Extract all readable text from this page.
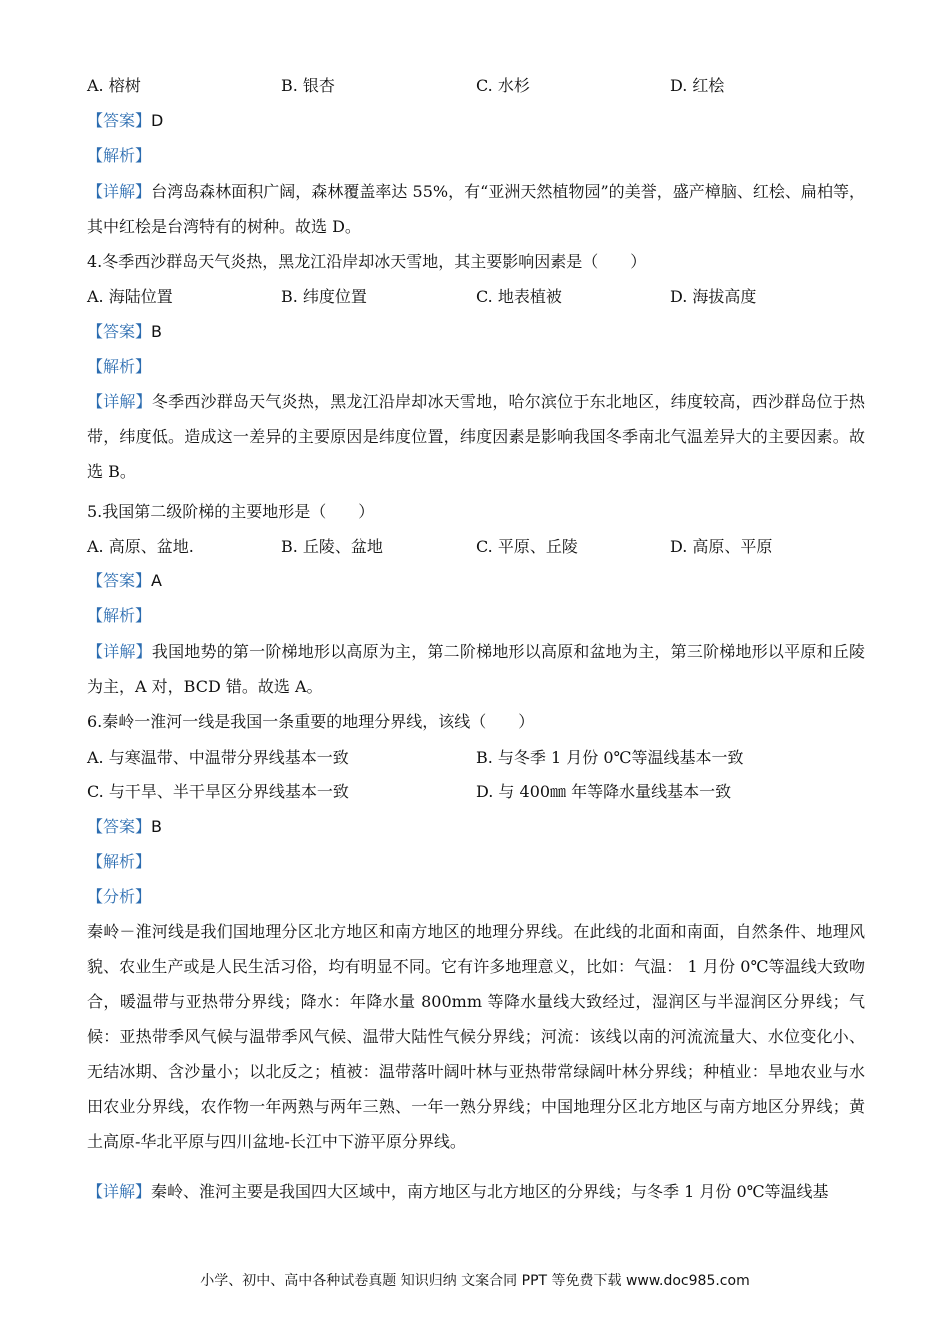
A. 榕树	B. 银杏	C. 水杉	D. 红桧
【答案】D
【解析】
【详解】台湾岛森林面积广阔，森林覆盖率达 55%，有“亚洲天然植物园”的美誉，盛产樟脑、红桧、扁柏等，其中红桧是台湾特有的树种。故选 D。
4.冬季西沙群岛天气炎热，黑龙江沿岸却冰天雪地，其主要影响因素是（　　）
A. 海陆位置	B. 纬度位置	C. 地表植被	D. 海拔高度
【答案】B
【解析】
【详解】冬季西沙群岛天气炎热，黑龙江沿岸却冰天雪地，哈尔滨位于东北地区，纬度较高，西沙群岛位于热带，纬度低。造成这一差异的主要原因是纬度位置，纬度因素是影响我国冬季南北气温差异大的主要因素。故选 B。
5.我国第二级阶梯的主要地形是（　　）
A. 高原、盆地.	B. 丘陵、盆地	C. 平原、丘陵	D. 高原、平原
【答案】A
【解析】
【详解】我国地势的第一阶梯地形以高原为主，第二阶梯地形以高原和盆地为主，第三阶梯地形以平原和丘陵为主，A 对，BCD 错。故选 A。
6.秦岭一淮河一线是我国一条重要的地理分界线，该线（　　）
A. 与寒温带、中温带分界线基本一致	B. 与冬季 1 月份 0℃等温线基本一致
C. 与干旱、半干旱区分界线基本一致	D. 与 400㎜ 年等降水量线基本一致
【答案】B
【解析】
【分析】
秦岭－淮河线是我们国地理分区北方地区和南方地区的地理分界线。在此线的北面和南面，自然条件、地理风貌、农业生产或是人民生活习俗，均有明显不同。它有许多地理意义，比如：气温： 1 月份 0℃等温线大致吻合，暖温带与亚热带分界线；降水：年降水量 800mm 等降水量线大致经过，湿润区与半湿润区分界线；气候：亚热带季风气候与温带季风气候、温带大陆性气候分界线；河流：该线以南的河流流量大、水位变化小、无结冰期、含沙量小；以北反之；植被：温带落叶阔叶林与亚热带常绿阔叶林分界线；种植业：旱地农业与水田农业分界线，农作物一年两熟与两年三熟、一年一熟分界线；中国地理分区北方地区与南方地区分界线；黄土高原-华北平原与四川盆地-长江中下游平原分界线。
【详解】秦岭、淮河主要是我国四大区域中，南方地区与北方地区的分界线；与冬季 1 月份 0℃等温线基
小学、初中、高中各种试卷真题 知识归纳 文案合同 PPT 等免费下载 www.doc985.com
